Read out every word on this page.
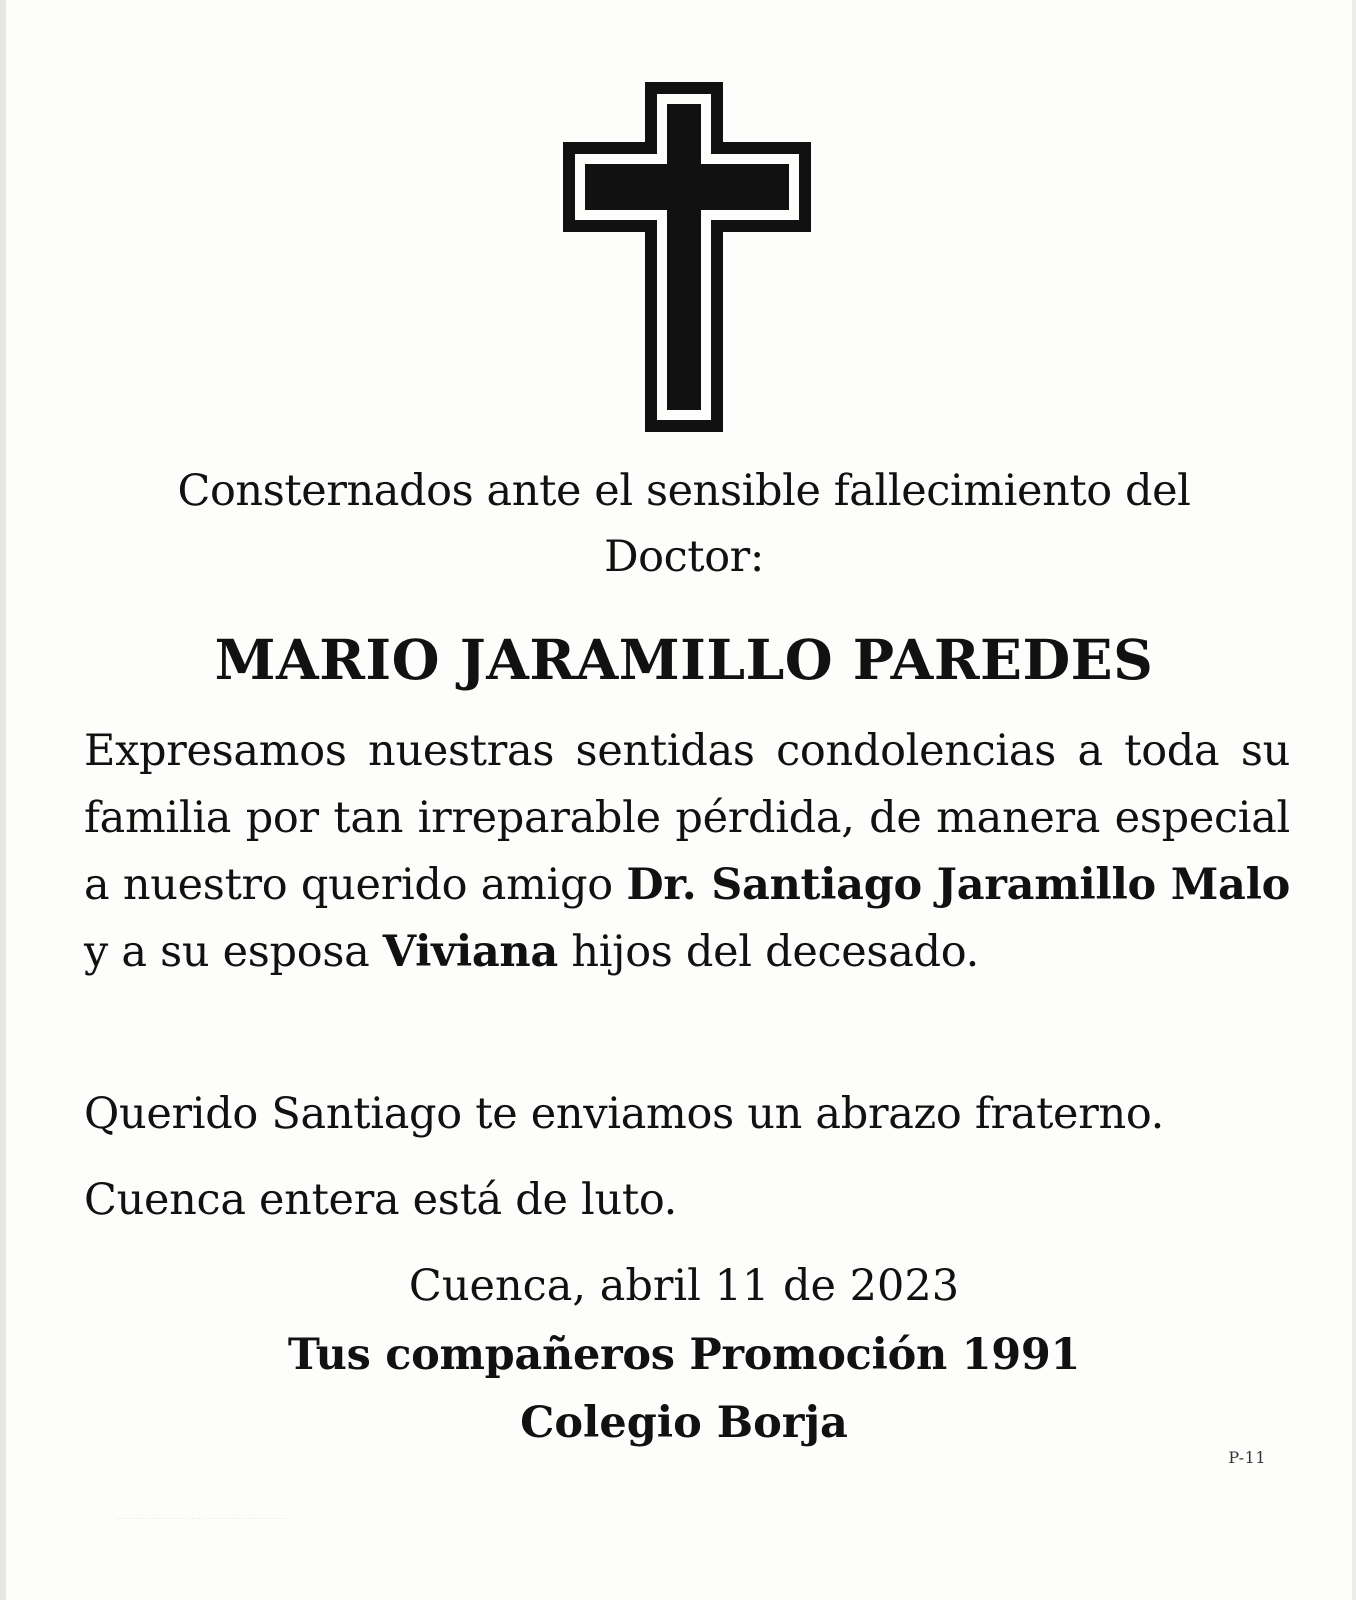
Consternados ante el sensible fallecimiento del
Doctor:
MARIO JARAMILLO PAREDES

Expresamos nuestras sentidas condolencias a toda su familia por tan irreparable pérdida, de manera especial a nuestro querido amigo Dr. Santiago Jaramillo Malo y a su esposa Viviana hijos del decesado.

Querido Santiago te enviamos un abrazo fraterno.

Cuenca entera está de luto.

Cuenca, abril 11 de 2023

Tus compañeros Promoción 1991

Colegio Borja

P-11
